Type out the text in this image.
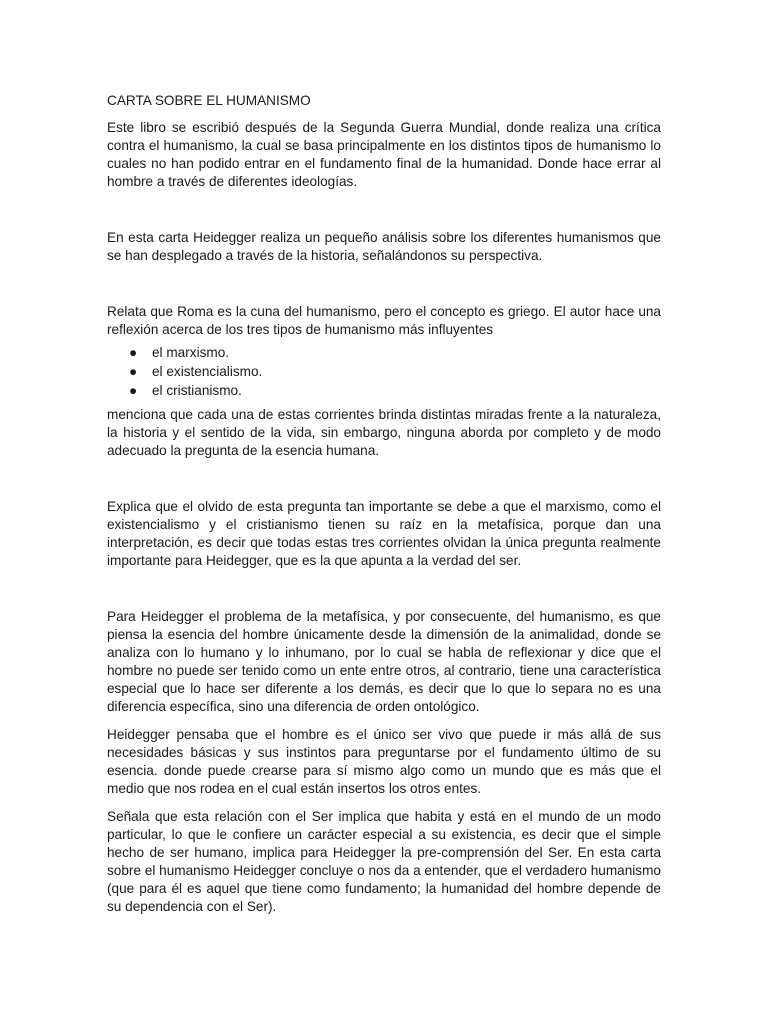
CARTA SOBRE EL HUMANISMO

Este libro se escribió después de la Segunda Guerra Mundial, donde realiza una crítica contra el humanismo, la cual se basa principalmente en los distintos tipos de humanismo lo cuales no han podido entrar en el fundamento final de la humanidad. Donde hace errar al hombre a través de diferentes ideologías.

En esta carta Heidegger realiza un pequeño análisis sobre los diferentes humanismos que se han desplegado a través de la historia, señalándonos su perspectiva.

Relata que Roma es la cuna del humanismo, pero el concepto es griego. El autor hace una reflexión acerca de los tres tipos de humanismo más influyentes

● el marxismo.
● el existencialismo.
● el cristianismo.

menciona que cada una de estas corrientes brinda distintas miradas frente a la naturaleza, la historia y el sentido de la vida, sin embargo, ninguna aborda por completo y de modo adecuado la pregunta de la esencia humana.

Explica que el olvido de esta pregunta tan importante se debe a que el marxismo, como el existencialismo y el cristianismo tienen su raíz en la metafísica, porque dan una interpretación, es decir que todas estas tres corrientes olvidan la única pregunta realmente importante para Heidegger, que es la que apunta a la verdad del ser.

Para Heidegger el problema de la metafísica, y por consecuente, del humanismo, es que piensa la esencia del hombre únicamente desde la dimensión de la animalidad, donde se analiza con lo humano y lo inhumano, por lo cual se habla de reflexionar y dice que el hombre no puede ser tenido como un ente entre otros, al contrario, tiene una característica especial que lo hace ser diferente a los demás, es decir que lo que lo separa no es una diferencia específica, sino una diferencia de orden ontológico.

Heidegger pensaba que el hombre es el único ser vivo que puede ir más allá de sus necesidades básicas y sus instintos para preguntarse por el fundamento último de su esencia. donde puede crearse para sí mismo algo como un mundo que es más que el medio que nos rodea en el cual están insertos los otros entes.

Señala que esta relación con el Ser implica que habita y está en el mundo de un modo particular, lo que le confiere un carácter especial a su existencia, es decir que el simple hecho de ser humano, implica para Heidegger la pre-comprensión del Ser. En esta carta sobre el humanismo Heidegger concluye o nos da a entender, que el verdadero humanismo (que para él es aquel que tiene como fundamento; la humanidad del hombre depende de su dependencia con el Ser).
